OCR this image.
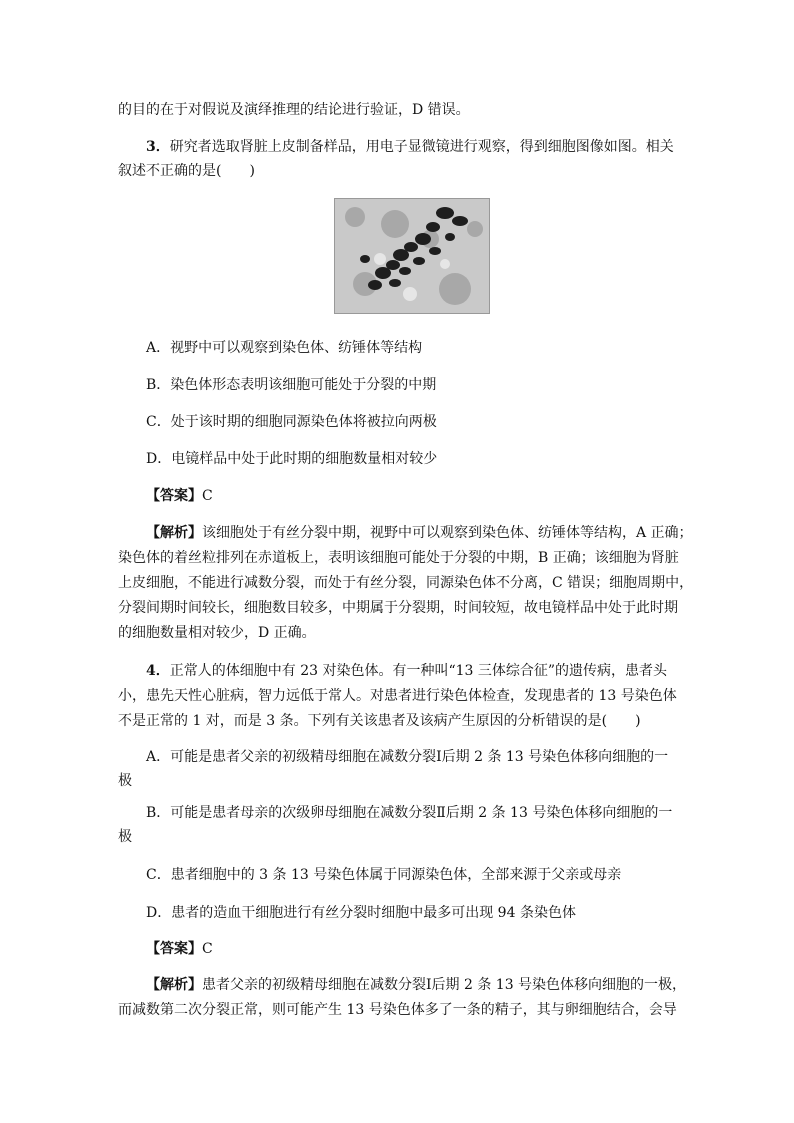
的目的在于对假说及演绎推理的结论进行验证，D 错误。
3．研究者选取肾脏上皮制备样品，用电子显微镜进行观察，得到细胞图像如图。相关
叙述不正确的是(　　)
A．视野中可以观察到染色体、纺锤体等结构
B．染色体形态表明该细胞可能处于分裂的中期
C．处于该时期的细胞同源染色体将被拉向两极
D．电镜样品中处于此时期的细胞数量相对较少
【答案】C
【解析】该细胞处于有丝分裂中期，视野中可以观察到染色体、纺锤体等结构，A 正确；
染色体的着丝粒排列在赤道板上，表明该细胞可能处于分裂的中期，B 正确；该细胞为肾脏
上皮细胞，不能进行减数分裂，而处于有丝分裂，同源染色体不分离，C 错误；细胞周期中，
分裂间期时间较长，细胞数目较多，中期属于分裂期，时间较短，故电镜样品中处于此时期
的细胞数量相对较少，D 正确。
4．正常人的体细胞中有 23 对染色体。有一种叫“13 三体综合征”的遗传病，患者头
小，患先天性心脏病，智力远低于常人。对患者进行染色体检查，发现患者的 13 号染色体
不是正常的 1 对，而是 3 条。下列有关该患者及该病产生原因的分析错误的是(　　)
A．可能是患者父亲的初级精母细胞在减数分裂Ⅰ后期 2 条 13 号染色体移向细胞的一
极
B．可能是患者母亲的次级卵母细胞在减数分裂Ⅱ后期 2 条 13 号染色体移向细胞的一
极
C．患者细胞中的 3 条 13 号染色体属于同源染色体，全部来源于父亲或母亲
D．患者的造血干细胞进行有丝分裂时细胞中最多可出现 94 条染色体
【答案】C
【解析】患者父亲的初级精母细胞在减数分裂Ⅰ后期 2 条 13 号染色体移向细胞的一极，
而减数第二次分裂正常，则可能产生 13 号染色体多了一条的精子，其与卵细胞结合，会导
